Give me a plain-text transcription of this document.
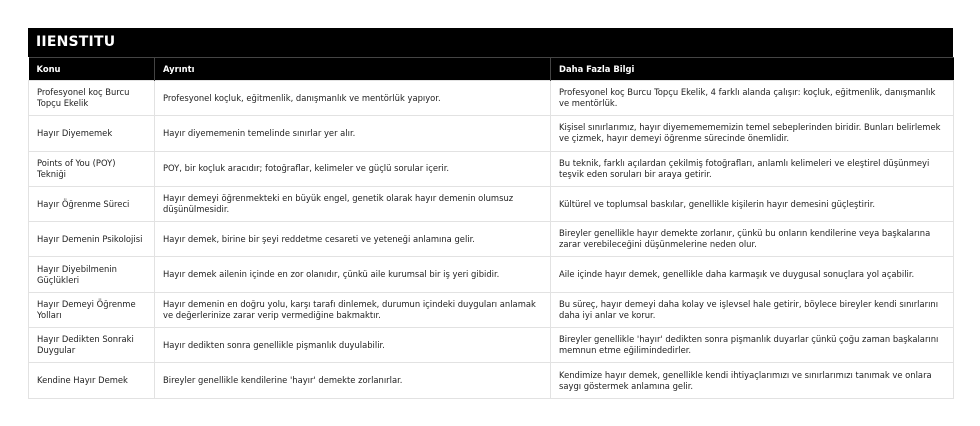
IIENSTITU
Konu	Ayrıntı	Daha Fazla Bilgi
Profesyonel koç Burcu Topçu Ekelik	Profesyonel koçluk, eğitmenlik, danışmanlık ve mentörlük yapıyor.	Profesyonel koç Burcu Topçu Ekelik, 4 farklı alanda çalışır: koçluk, eğitmenlik, danışmanlık ve mentörlük.
Hayır Diyememek	Hayır diyememenin temelinde sınırlar yer alır.	Kişisel sınırlarımız, hayır diyememememizin temel sebeplerinden biridir. Bunları belirlemek ve çizmek, hayır demeyi öğrenme sürecinde önemlidir.
Points of You (POY) Tekniği	POY, bir koçluk aracıdır; fotoğraflar, kelimeler ve güçlü sorular içerir.	Bu teknik, farklı açılardan çekilmiş fotoğrafları, anlamlı kelimeleri ve eleştirel düşünmeyi teşvik eden soruları bir araya getirir.
Hayır Öğrenme Süreci	Hayır demeyi öğrenmekteki en büyük engel, genetik olarak hayır demenin olumsuz düşünülmesidir.	Kültürel ve toplumsal baskılar, genellikle kişilerin hayır demesini güçleştirir.
Hayır Demenin Psikolojisi	Hayır demek, birine bir şeyi reddetme cesareti ve yeteneği anlamına gelir.	Bireyler genellikle hayır demekte zorlanır, çünkü bu onların kendilerine veya başkalarına zarar verebileceğini düşünmelerine neden olur.
Hayır Diyebilmenin Güçlükleri	Hayır demek ailenin içinde en zor olanıdır, çünkü aile kurumsal bir iş yeri gibidir.	Aile içinde hayır demek, genellikle daha karmaşık ve duygusal sonuçlara yol açabilir.
Hayır Demeyi Öğrenme Yolları	Hayır demenin en doğru yolu, karşı tarafı dinlemek, durumun içindeki duyguları anlamak ve değerlerinize zarar verip vermediğine bakmaktır.	Bu süreç, hayır demeyi daha kolay ve işlevsel hale getirir, böylece bireyler kendi sınırlarını daha iyi anlar ve korur.
Hayır Dedikten Sonraki Duygular	Hayır dedikten sonra genellikle pişmanlık duyulabilir.	Bireyler genellikle 'hayır' dedikten sonra pişmanlık duyarlar çünkü çoğu zaman başkalarını memnun etme eğilimindedirler.
Kendine Hayır Demek	Bireyler genellikle kendilerine 'hayır' demekte zorlanırlar.	Kendimize hayır demek, genellikle kendi ihtiyaçlarımızı ve sınırlarımızı tanımak ve onlara saygı göstermek anlamına gelir.
